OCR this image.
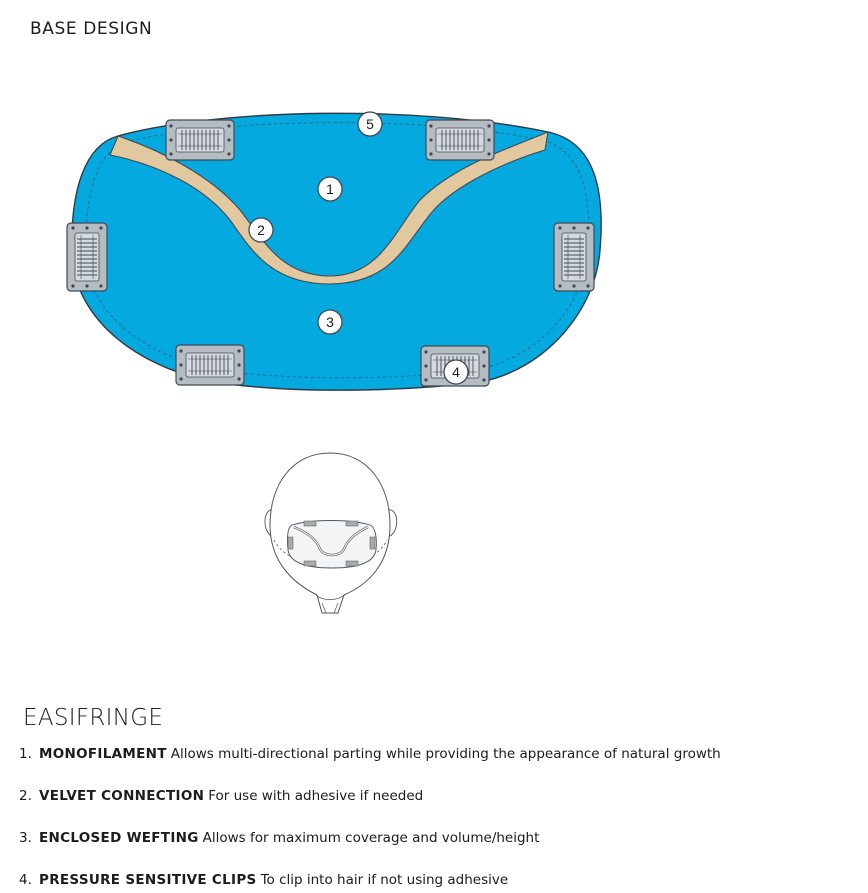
BASE DESIGN
1
2
3
4
5
EASIFRINGE
1. MONOFILAMENT Allows multi-directional parting while providing the appearance of natural growth
2. VELVET CONNECTION For use with adhesive if needed
3. ENCLOSED WEFTING Allows for maximum coverage and volume/height
4. PRESSURE SENSITIVE CLIPS To clip into hair if not using adhesive
